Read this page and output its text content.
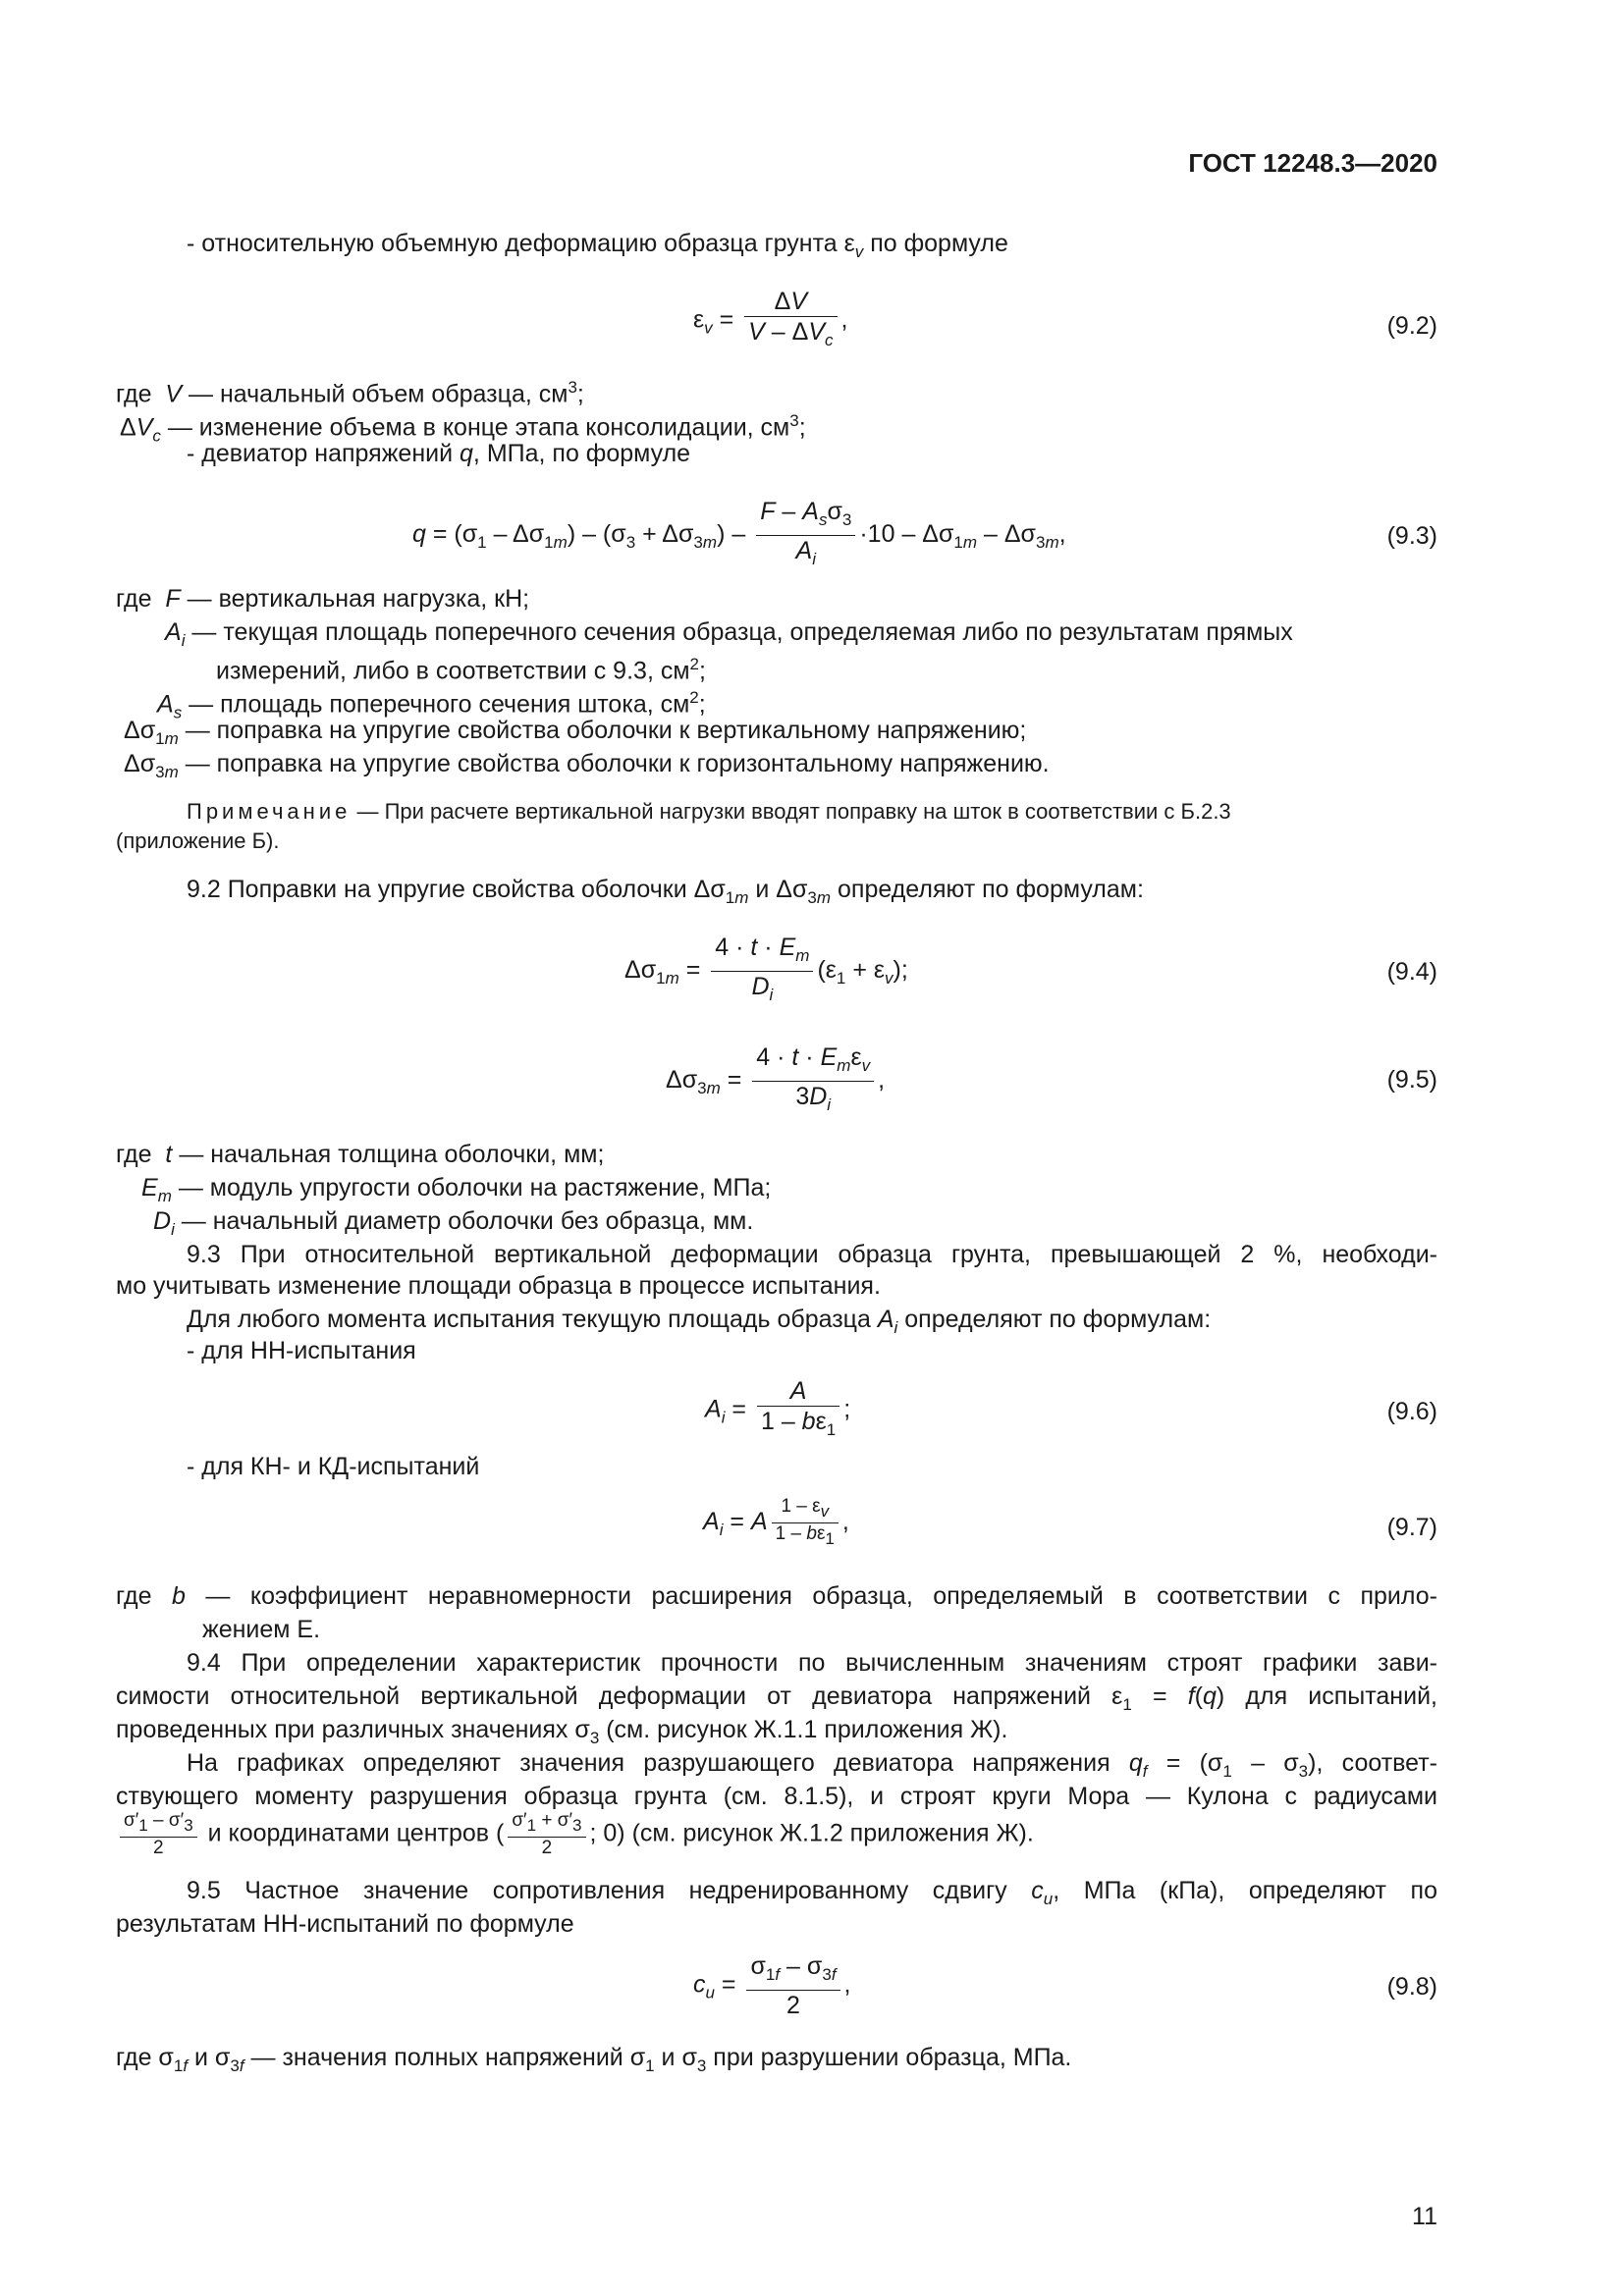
ГОСТ 12248.3—2020
- относительную объемную деформацию образца грунта $\varepsilon_v$ по формуле
$\varepsilon_v = \frac{\Delta V}{V - \Delta V_c}$ ,	(9.2)
где V — начальный объем образца, $см^3$;
$\Delta V_c$ — изменение объема в конце этапа консолидации, $см^3$;
- девиатор напряжений q, МПа, по формуле
$q = (\sigma_1 - \Delta\sigma_{1m}) - (\sigma_3 + \Delta\sigma_{3m}) - \frac{F - A_s\sigma_3}{A_i} \cdot 10 - \Delta\sigma_{1m} - \Delta\sigma_{3m}$,	(9.3)
где F — вертикальная нагрузка, кН;
$A_i$ — текущая площадь поперечного сечения образца, определяемая либо по результатам прямых
измерений, либо в соответствии с 9.3, $см^2$;
$A_s$ — площадь поперечного сечения штока, $см^2$;
$\Delta\sigma_{1m}$ — поправка на упругие свойства оболочки к вертикальному напряжению;
$\Delta\sigma_{3m}$ — поправка на упругие свойства оболочки к горизонтальному напряжению.
Примечание — При расчете вертикальной нагрузки вводят поправку на шток в соответствии с Б.2.3
(приложение Б).
9.2 Поправки на упругие свойства оболочки $\Delta\sigma_{1m}$ и $\Delta\sigma_{3m}$ определяют по формулам:
$\Delta\sigma_{1m} = \frac{4 \cdot t \cdot E_m}{D_i} (\varepsilon_1 + \varepsilon_v)$;	(9.4)
$\Delta\sigma_{3m} = \frac{4 \cdot t \cdot E_m\varepsilon_v}{3D_i}$ ,	(9.5)
где t — начальная толщина оболочки, мм;
$E_m$ — модуль упругости оболочки на растяжение, МПа;
$D_i$ — начальный диаметр оболочки без образца, мм.
9.3 При относительной вертикальной деформации образца грунта, превышающей 2 %, необходи-
мо учитывать изменение площади образца в процессе испытания.
Для любого момента испытания текущую площадь образца $A_i$ определяют по формулам:
- для НН-испытания
$A_i = \frac{A}{1 - b\varepsilon_1}$ ;	(9.6)
- для КН- и КД-испытаний
$A_i = A \frac{1 - \varepsilon_v}{1 - b\varepsilon_1}$ ,	(9.7)
где b — коэффициент неравномерности расширения образца, определяемый в соответствии с прило-
жением Е.
9.4 При определении характеристик прочности по вычисленным значениям строят графики зави-
симости относительной вертикальной деформации от девиатора напряжений $\varepsilon_1 = f(q)$ для испытаний,
проведенных при различных значениях $\sigma_3$ (см. рисунок Ж.1.1 приложения Ж).
На графиках определяют значения разрушающего девиатора напряжения $q_f = (\sigma_1 - \sigma_3)$, соответ-
ствующего моменту разрушения образца грунта (см. 8.1.5), и строят круги Мора — Кулона с радиусами
$\frac{\sigma'_1 - \sigma'_3}{2}$ и координатами центров ( $\frac{\sigma'_1 + \sigma'_3}{2}$ ; 0) (см. рисунок Ж.1.2 приложения Ж).
9.5 Частное значение сопротивления недренированному сдвигу $c_u$, МПа (кПа), определяют по
результатам НН-испытаний по формуле
$c_u = \frac{\sigma_{1f} - \sigma_{3f}}{2}$ ,	(9.8)
где $\sigma_{1f}$ и $\sigma_{3f}$ — значения полных напряжений $\sigma_1$ и $\sigma_3$ при разрушении образца, МПа.
11
